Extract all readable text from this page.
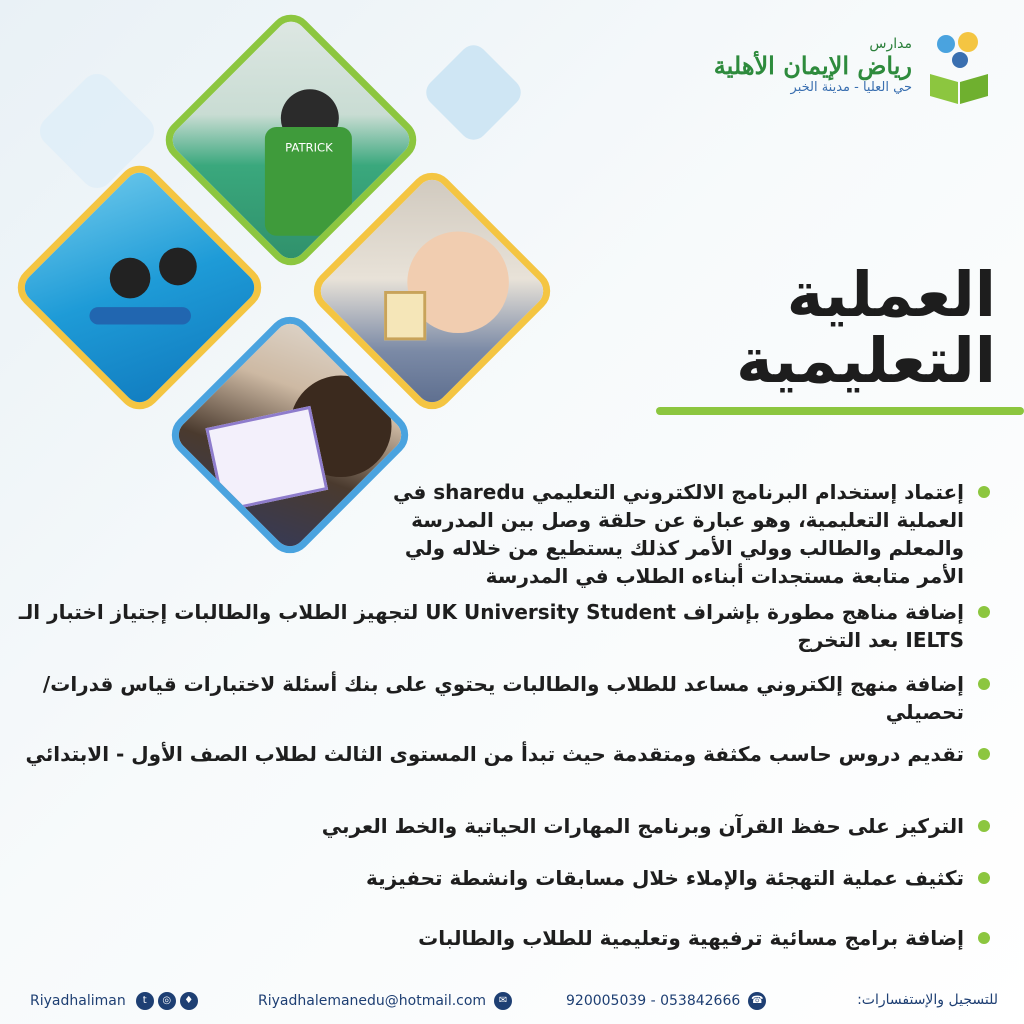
PATRICK
مدارس
رياض الإيمان الأهلية
حي العليا - مدينة الخبر
العملية
التعليمية
إعتماد إستخدام البرنامج الالكتروني التعليمي sharedu في العملية التعليمية، وهو عبارة عن حلقة وصل بين المدرسة والمعلم والطالب وولي الأمر كذلك يستطيع من خلاله ولي الأمر متابعة مستجدات أبناءه الطلاب في المدرسة
إضافة مناهج مطورة بإشراف UK University Student لتجهيز الطلاب والطالبات إجتياز اختبار الـ IELTS بعد التخرج
إضافة منهج إلكتروني مساعد للطلاب والطالبات يحتوي على بنك أسئلة لاختبارات قياس قدرات/تحصيلي
تقديم دروس حاسب مكثفة ومتقدمة حيث تبدأ من المستوى الثالث لطلاب الصف الأول - الابتدائي
التركيز على حفظ القرآن وبرنامج المهارات الحياتية والخط العربي
تكثيف عملية التهجئة والإملاء خلال مسابقات وانشطة تحفيزية
إضافة برامج مسائية ترفيهية وتعليمية للطلاب والطالبات
Riyadhaliman	t	◎	♦	Riyadhalemanedu@hotmail.com	✉	920005039 - 053842666 ☎	للتسجيل والإستفسارات:
